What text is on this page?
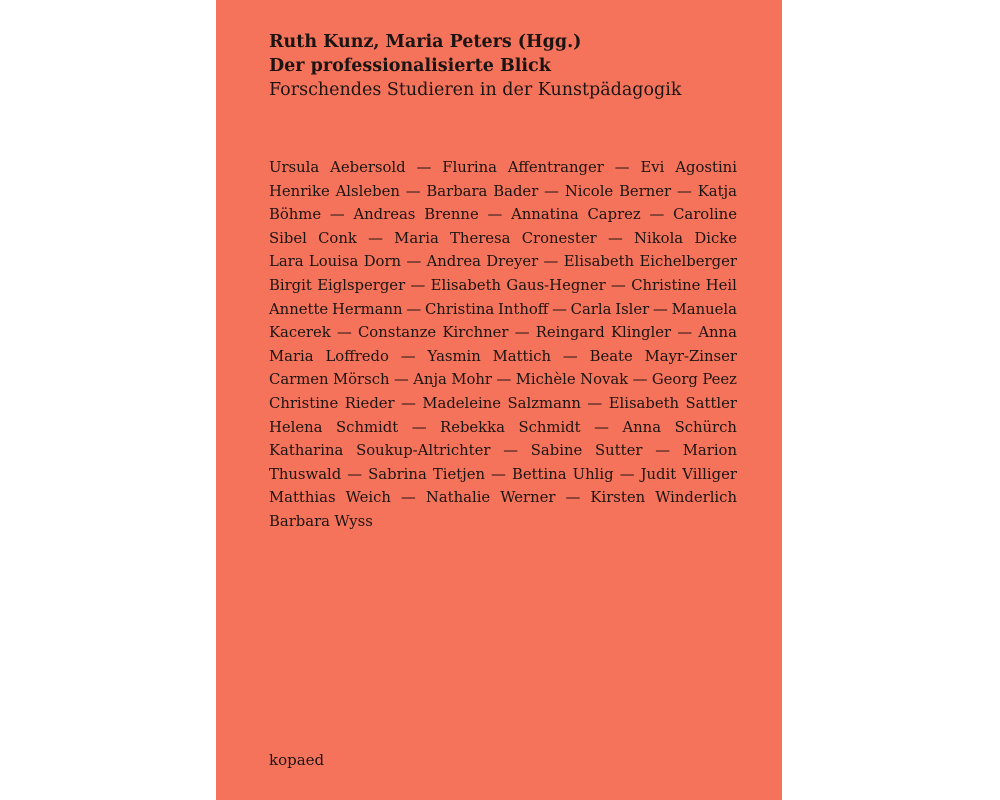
Ruth Kunz, Maria Peters (Hgg.)
Der professionalisierte Blick
Forschendes Studieren in der Kunstpädagogik
Ursula Aebersold — Flurina Affentranger — Evi Agostini
Henrike Alsleben — Barbara Bader — Nicole Berner — Katja
Böhme — Andreas Brenne — Annatina Caprez — Caroline
Sibel Conk — Maria Theresa Cronester — Nikola Dicke
Lara Louisa Dorn — Andrea Dreyer — Elisabeth Eichelberger
Birgit Eiglsperger — Elisabeth Gaus-Hegner — Christine Heil
Annette Hermann — Christina Inthoff — Carla Isler — Manuela
Kacerek — Constanze Kirchner — Reingard Klingler — Anna
Maria Loffredo — Yasmin Mattich — Beate Mayr-Zinser
Carmen Mörsch — Anja Mohr — Michèle Novak — Georg Peez
Christine Rieder — Madeleine Salzmann — Elisabeth Sattler
Helena Schmidt — Rebekka Schmidt — Anna Schürch
Katharina Soukup-Altrichter — Sabine Sutter — Marion
Thuswald — Sabrina Tietjen — Bettina Uhlig — Judit Villiger
Matthias Weich — Nathalie Werner — Kirsten Winderlich
Barbara Wyss
kopaed
